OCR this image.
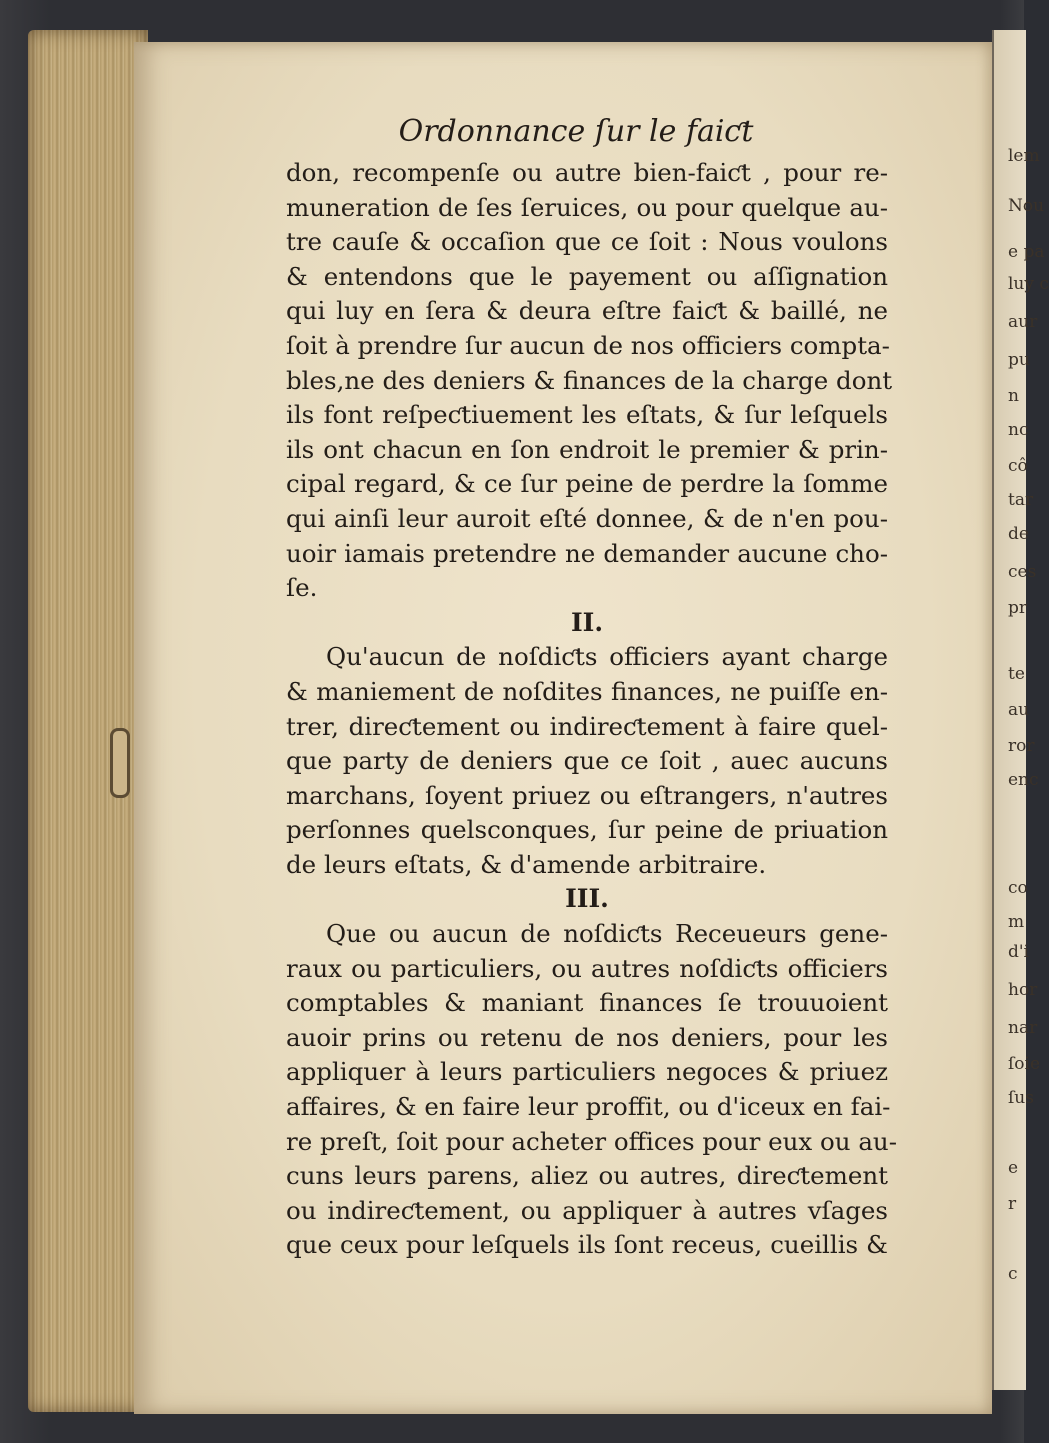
lem
Nou
e pa
luy c
aur
pu
n
nc
cô
tar
de
ces
pr
te
au
ror
enc
co
m
d'i
hor
nar
ſoie
ſus
e
r
c
Ordonnance ſur le faiƈt
don, recompenſe ou autre bien-faiƈt , pour re-
muneration de ſes ſeruices, ou pour quelque au-
tre cauſe & occaſion que ce ſoit : Nous voulons
& entendons que le payement ou aſſignation
qui luy en ſera & deura eſtre faiƈt & baillé, ne
ſoit à prendre ſur aucun de nos officiers compta-
bles,ne des deniers & finances de la charge dont
ils font reſpeƈtiuement les eſtats, & ſur leſquels
ils ont chacun en ſon endroit le premier & prin-
cipal regard, & ce ſur peine de perdre la ſomme
qui ainſi leur auroit eſté donnee, & de n'en pou-
uoir iamais pretendre ne demander aucune cho-
ſe.
II.
Qu'aucun de noſdiƈts officiers ayant charge
& maniement de noſdites finances, ne puiſſe en-
trer, direƈtement ou indireƈtement à faire quel-
que party de deniers que ce ſoit , auec aucuns
marchans, ſoyent priuez ou eſtrangers, n'autres
perſonnes quelsconques, ſur peine de priuation
de leurs eſtats, & d'amende arbitraire.
III.
Que ou aucun de noſdiƈts Receueurs gene-
raux ou particuliers, ou autres noſdiƈts officiers
comptables & maniant finances ſe trouuoient
auoir prins ou retenu de nos deniers, pour les
appliquer à leurs particuliers negoces & priuez
affaires, & en faire leur proffit, ou d'iceux en fai-
re preſt, ſoit pour acheter offices pour eux ou au-
cuns leurs parens, aliez ou autres, direƈtement
ou indireƈtement, ou appliquer à autres vſages
que ceux pour leſquels ils ſont receus, cueillis &
